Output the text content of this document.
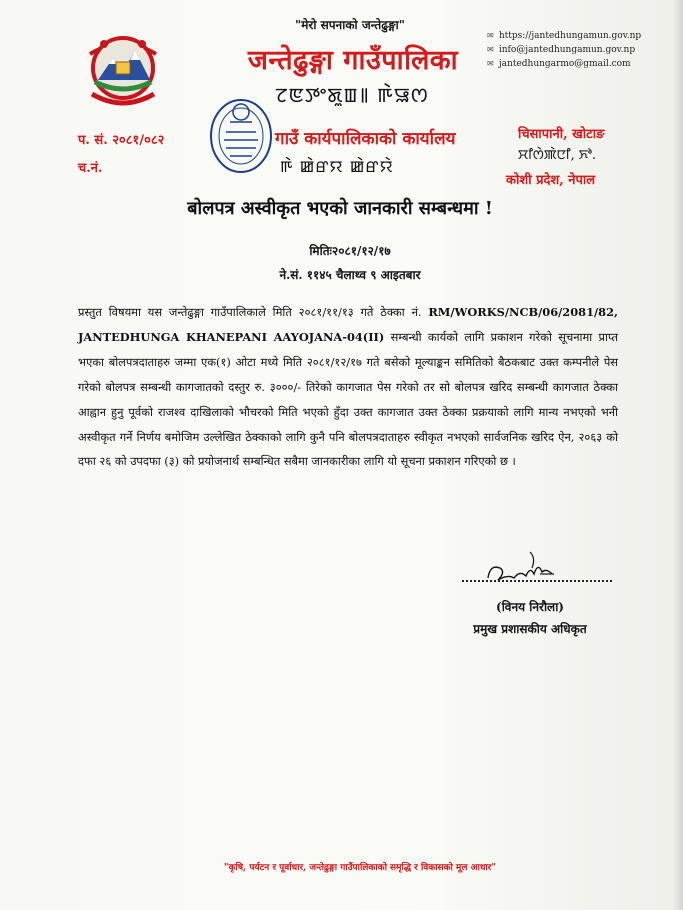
"मेरो सपनाको जन्तेढुङ्गा"
जन्तेढुङ्गा गाउँपालिका
ꯖꯟꯇꯦꯗꯨꯡ꯫ ꯒꯥꯎꯁ
✉ https://jantedhungamun.gov.np
✉ info@jantedhungamun.gov.np
✉ jantedhungarmo@gmail.com
प. सं. २०८१/०८२
च.नं.
गाउँ कार्यपालिकाको कार्यालय
ꯒꯥ ꯀꯥꯔꯌ ꯀꯥꯔꯌꯥ
चिसापानी, खोटाङ
ꯆꯤꯁꯥꯄꯥꯅꯤ, ꯈꯣ.
कोशी प्रदेश, नेपाल
बोलपत्र अस्वीकृत भएको जानकारी सम्बन्धमा !
मितिः२०८१/१२/१७
ने.सं. ११४५ चैलाथ्व ९ आइतबार

प्रस्तुत विषयमा यस जन्तेढुङ्गा गाउँपालिकाले मिति २०८१/११/१३ गते ठेक्का नं. RM/WORKS/NCB/06/2081/82, JANTEDHUNGA KHANEPANI AAYOJANA-04(II) सम्बन्धी कार्यको लागि प्रकाशन गरेको सूचनामा प्राप्त भएका बोलपत्रदाताहरु जम्मा एक(१) ओटा मध्ये मिति २०८१/१२/१७ गते बसेको मूल्याङ्कन समितिको बैठकबाट उक्त कम्पनीले पेस गरेको बोलपत्र सम्बन्धी कागजातको दस्तुर रु. ३०००/- तिरेको कागजात पेस गरेको तर सो बोलपत्र खरिद सम्बन्धी कागजात ठेक्का आह्वान हुनु पूर्वको राजश्व दाखिलाको भौचरको मिति भएको हुँदा उक्त कागजात उक्त ठेक्का प्रक्रयाको लागि मान्य नभएको भनी अस्वीकृत गर्ने निर्णय बमोजिम उल्लेखित ठेक्काको लागि कुनै पनि बोलपत्रदाताहरु स्वीकृत नभएको सार्वजनिक खरिद ऐन, २०६३ को दफा २६ को उपदफा (३) को प्रयोजनार्थ सम्बन्धित सबैमा जानकारीका लागि यो सूचना प्रकाशन गरिएको छ ।

(विनय निरौला)
प्रमुख प्रशासकीय अधिकृत
"कृषि, पर्यटन र पूर्वाधार, जन्तेढुङ्गा गाउँपालिकाको समृद्धि र विकासको मूल आधार"
